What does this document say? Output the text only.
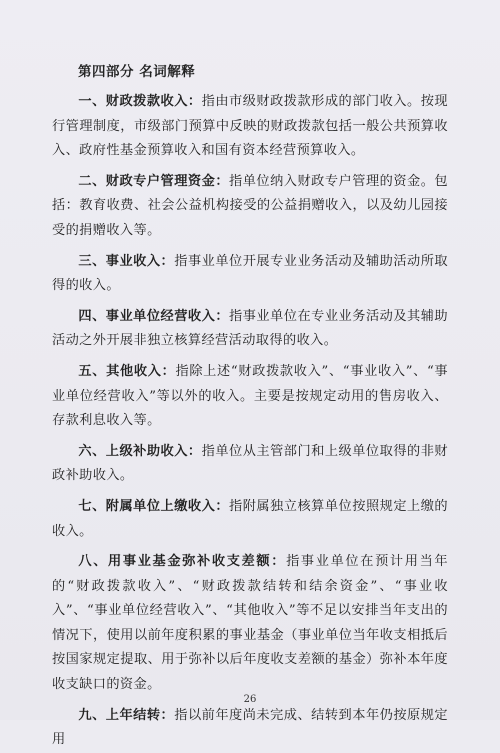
第四部分 名词解释

一、财政拨款收入：指由市级财政拨款形成的部门收入。按现行管理制度，市级部门预算中反映的财政拨款包括一般公共预算收入、政府性基金预算收入和国有资本经营预算收入。

二、财政专户管理资金：指单位纳入财政专户管理的资金。包括：教育收费、社会公益机构接受的公益捐赠收入，以及幼儿园接受的捐赠收入等。

三、事业收入：指事业单位开展专业业务活动及辅助活动所取得的收入。

四、事业单位经营收入：指事业单位在专业业务活动及其辅助活动之外开展非独立核算经营活动取得的收入。

五、其他收入：指除上述“财政拨款收入”、“事业收入”、“事业单位经营收入”等以外的收入。主要是按规定动用的售房收入、存款利息收入等。

六、上级补助收入：指单位从主管部门和上级单位取得的非财政补助收入。

七、附属单位上缴收入：指附属独立核算单位按照规定上缴的收入。

八、用事业基金弥补收支差额：指事业单位在预计用当年的“财政拨款收入”、“财政拨款结转和结余资金”、“事业收入”、“事业单位经营收入”、“其他收入”等不足以安排当年支出的情况下，使用以前年度积累的事业基金（事业单位当年收支相抵后按国家规定提取、用于弥补以后年度收支差额的基金）弥补本年度收支缺口的资金。

九、上年结转：指以前年度尚未完成、结转到本年仍按原规定用

26
